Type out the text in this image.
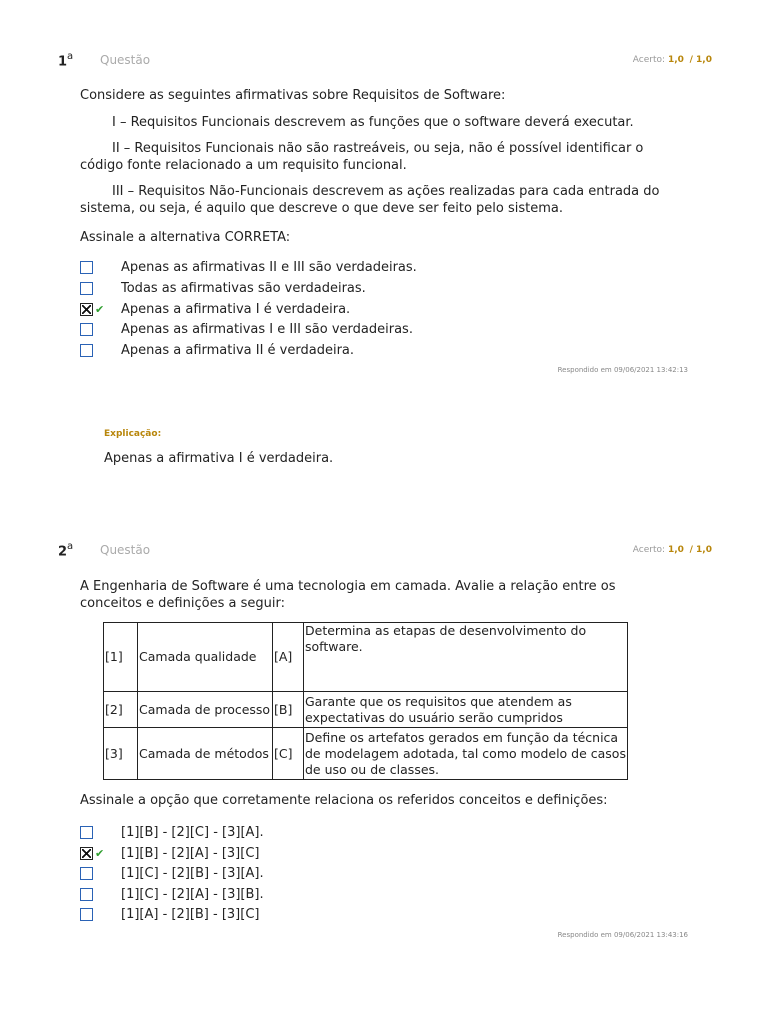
1$^a$ Questão	Acerto: 1,0 / 1,0
Considere as seguintes afirmativas sobre Requisitos de Software:
I – Requisitos Funcionais descrevem as funções que o software deverá executar.
II – Requisitos Funcionais não são rastreáveis, ou seja, não é possível identificar o código fonte relacionado a um requisito funcional.
III – Requisitos Não-Funcionais descrevem as ações realizadas para cada entrada do sistema, ou seja, é aquilo que descreve o que deve ser feito pelo sistema.
Assinale a alternativa CORRETA:
Apenas as afirmativas II e III são verdadeiras.
Todas as afirmativas são verdadeiras.
✔ Apenas a afirmativa I é verdadeira.
Apenas as afirmativas I e III são verdadeiras.
Apenas a afirmativa II é verdadeira.
Respondido em 09/06/2021 13:42:13
Explicação:
Apenas a afirmativa I é verdadeira.
2$^a$ Questão	Acerto: 1,0 / 1,0
A Engenharia de Software é uma tecnologia em camada. Avalie a relação entre os conceitos e definições a seguir:
[1]	Camada qualidade	[A]	Determina as etapas de desenvolvimento do software.
[2]	Camada de processo	[B]	Garante que os requisitos que atendem as expectativas do usuário serão cumpridos
[3]	Camada de métodos	[C]	Define os artefatos gerados em função da técnica de modelagem adotada, tal como modelo de casos de uso ou de classes.
Assinale a opção que corretamente relaciona os referidos conceitos e definições:
[1][B] - [2][C] - [3][A].
✔ [1][B] - [2][A] - [3][C]
[1][C] - [2][B] - [3][A].
[1][C] - [2][A] - [3][B].
[1][A] - [2][B] - [3][C]
Respondido em 09/06/2021 13:43:16
